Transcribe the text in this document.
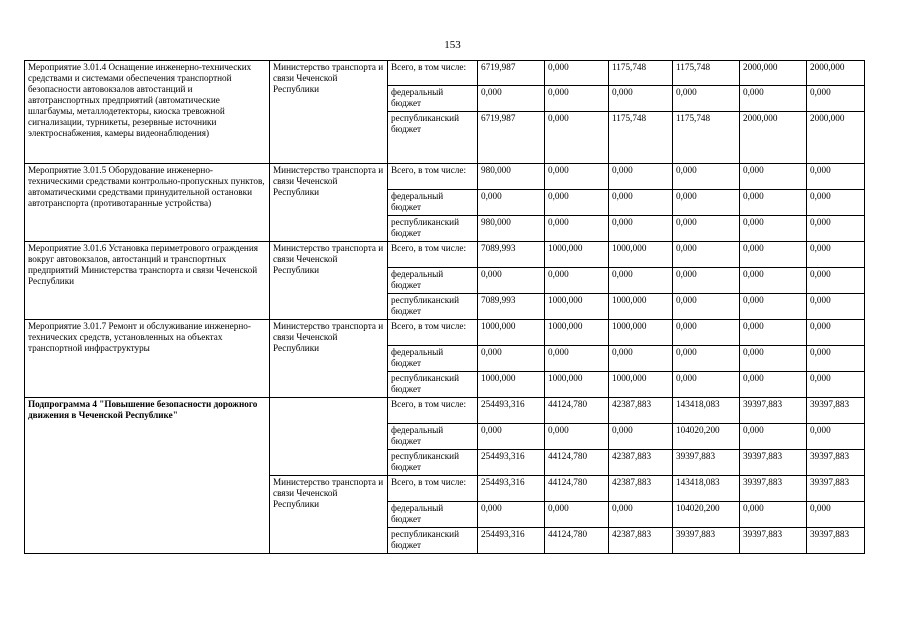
153
Мероприятие 3.01.4 Оснащение инженерно-технических средствами и системами обеспечения транспортной безопасности автовокзалов автостанций и автотранспортных предприятий (автоматические шлагбаумы, металлодетекторы, киоска тревожной сигнализации, турникеты, резервные источники электроснабжения, камеры видеонаблюдения)	Министерство транспорта и связи Чеченской Республики	Всего, в том числе:	6719,987	0,000	1175,748	1175,748	2000,000	2000,000
		федеральный бюджет	0,000	0,000	0,000	0,000	0,000	0,000
		республиканский бюджет	6719,987	0,000	1175,748	1175,748	2000,000	2000,000
Мероприятие 3.01.5 Оборудование инженерно-техническими средствами контрольно-пропускных пунктов, автоматическими средствами принудительной остановки автотранспорта (противотаранные устройства)	Министерство транспорта и связи Чеченской Республики	Всего, в том числе:	980,000	0,000	0,000	0,000	0,000	0,000
		федеральный бюджет	0,000	0,000	0,000	0,000	0,000	0,000
		республиканский бюджет	980,000	0,000	0,000	0,000	0,000	0,000
Мероприятие 3.01.6 Установка периметрового ограждения вокруг автовокзалов, автостанций и транспортных предприятий Министерства транспорта и связи Чеченской Республики	Министерство транспорта и связи Чеченской Республики	Всего, в том числе:	7089,993	1000,000	1000,000	0,000	0,000	0,000
		федеральный бюджет	0,000	0,000	0,000	0,000	0,000	0,000
		республиканский бюджет	7089,993	1000,000	1000,000	0,000	0,000	0,000
Мероприятие 3.01.7 Ремонт и обслуживание инженерно-технических средств, установленных на объектах транспортной инфраструктуры	Министерство транспорта и связи Чеченской Республики	Всего, в том числе:	1000,000	1000,000	1000,000	0,000	0,000	0,000
		федеральный бюджет	0,000	0,000	0,000	0,000	0,000	0,000
		республиканский бюджет	1000,000	1000,000	1000,000	0,000	0,000	0,000
Подпрограмма 4 "Повышение безопасности дорожного движения в Чеченской Республике"		Всего, в том числе:	254493,316	44124,780	42387,883	143418,083	39397,883	39397,883
		федеральный бюджет	0,000	0,000	0,000	104020,200	0,000	0,000
		республиканский бюджет	254493,316	44124,780	42387,883	39397,883	39397,883	39397,883
	Министерство транспорта и связи Чеченской Республики	Всего, в том числе:	254493,316	44124,780	42387,883	143418,083	39397,883	39397,883
		федеральный бюджет	0,000	0,000	0,000	104020,200	0,000	0,000
		республиканский бюджет	254493,316	44124,780	42387,883	39397,883	39397,883	39397,883
